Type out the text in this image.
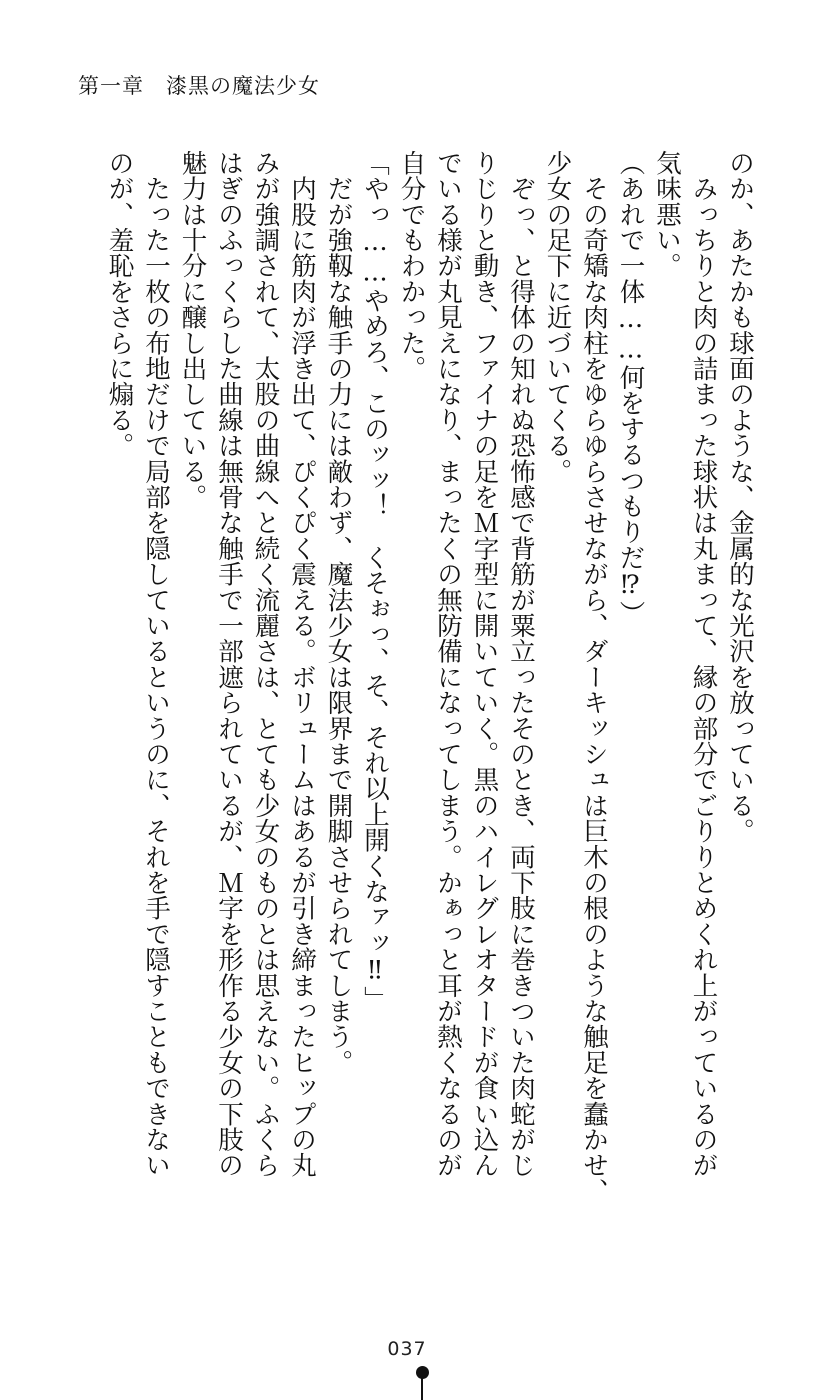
第一章　漆黒の魔法少女
のか、あたかも球面のような、金属的な光沢を放っている。
　みっちりと肉の詰まった球状は丸まって、縁の部分でごりりとめくれ上がっているのが
気味悪い。
（あれで一体……何をするつもりだ⁉）
　その奇矯な肉柱をゆらゆらさせながら、ダーキッシュは巨木の根のような触足を蠢かせ、
少女の足下に近づいてくる。
　ぞっ、と得体の知れぬ恐怖感で背筋が粟立ったそのとき、両下肢に巻きついた肉蛇がじ
りじりと動き、ファイナの足をＭ字型に開いていく。黒のハイレグレオタードが食い込ん
でいる様が丸見えになり、まったくの無防備になってしまう。かぁっと耳が熱くなるのが
自分でもわかった。
「やっ……やめろ、このッッ！　くそぉっ、そ、それ以上開くなァッ‼」
　だが強靱な触手の力には敵わず、魔法少女は限界まで開脚させられてしまう。
　内股に筋肉が浮き出て、ぴくぴく震える。ボリュームはあるが引き締まったヒップの丸
みが強調されて、太股の曲線へと続く流麗さは、とても少女のものとは思えない。ふくら
はぎのふっくらした曲線は無骨な触手で一部遮られているが、Ｍ字を形作る少女の下肢の
魅力は十分に醸し出している。
　たった一枚の布地だけで局部を隠しているというのに、それを手で隠すこともできない
のが、羞恥をさらに煽る。
037
